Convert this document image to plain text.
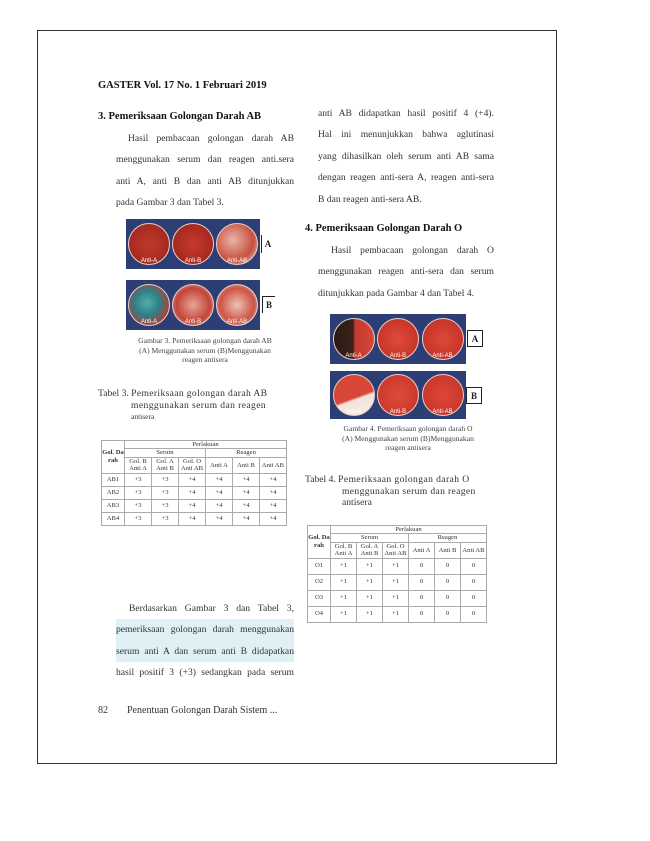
GASTER Vol. 17 No. 1 Februari 2019
3. Pemeriksaan Golongan Darah AB
Hasil pembacaan golongan darah AB
menggunakan serum dan reagen anti.sera
anti A, anti B dan anti AB ditunjukkan
pada Gambar 3 dan Tabel 3.
Anti-A	Anti-B	Anti-AB
A
Anti-A	Anti-B	Anti-AB
B
Gambar 3. Pemeriksaan golongan darah AB
(A) Menggunakan serum (B)Menggunakan
reagen antisera
Tabel 3. Pemeriksaan golongan darah AB
menggunakan serum dan reagen
antisera
Gol. Da rah	Perlakuan					
	Serum			Reagen		
	Gol. B Anti A	Gol. A Anti B	Gol. O Anti AB	Anti A	Anti B	Anti AB
AB1	+3	+3	+4	+4	+4	+4
AB2	+3	+3	+4	+4	+4	+4
AB3	+3	+3	+4	+4	+4	+4
AB4	+3	+3	+4	+4	+4	+4
Berdasarkan Gambar 3 dan Tabel 3,
pemeriksaan golongan darah menggunakan
serum anti A dan serum anti B didapatkan
hasil positif 3 (+3) sedangkan pada serum
anti AB didapatkan hasil positif 4 (+4).
Hal ini menunjukkan bahwa aglutinasi
yang dihasilkan oleh serum anti AB sama
dengan reagen anti-sera A, reagen anti-sera
B dan reagen anti-sera AB.
4. Pemeriksaan Golongan Darah O
Hasil pembacaan golongan darah O
menggunakan reagen anti-sera dan serum
ditunjukkan pada Gambar 4 dan Tabel 4.
Anti-A	Anti-B	Anti-AB
A
Anti-A	Anti-B	Anti-AB
B
Gambar 4. Pemeriksaan golongan darah O
(A) Menggunakan serum (B)Menggunakan
reagen antisera
Tabel 4. Pemeriksaan golongan darah O
menggunakan serum dan reagen
antisera
Gol. Da rah	Perlakuan					
	Serum			Reagen		
	Gol. B Anti A	Gol. A Anti B	Gol. O Anti AB	Anti A	Anti B	Anti AB
O1	+1	+1	+1	0	0	0
O2	+1	+1	+1	0	0	0
O3	+1	+1	+1	0	0	0
O4	+1	+1	+1	0	0	0
82 Penentuan Golongan Darah Sistem ...
